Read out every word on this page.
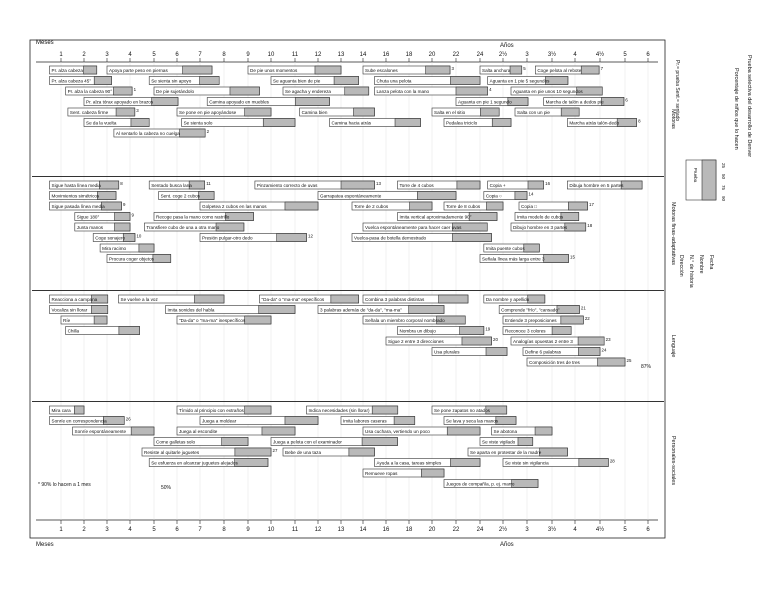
Meses	Años
Meses	Años
1	2	3	4	5	6	7	8	9	10	11	12	13	14	16	18	20	22	24	2½	3	3½	4	4½	5	6
1	2	3	4	5	6	7	8	9	10	11	12	13	14	16	18	20	22	24	2½	3	3½	4	4½	5	6
Pr. alza cabeza
Pr. alza cabeza 45°
Pr. alza la cabeza 90°	1
Pr. alza tórax apoyado en brazos
Sent. cabeza firme	3
Se da la vuelta
Apoya parte peso en piernas
Al sentarlo la cabeza no cuelga	2
Se sienta sin apoyo
De pie sujetándolo
Se pone en pie apoyándose
Se sienta solo
De pie unos momentos
Camina apoyado en muebles
Se aguanta bien de pie
Se agacha y endereza
Camina bien
Camina hacia atrás
Sube escalones	3
Chuta una pelota
Lanza pelota con la mano	4
Aguanta en pie 1 segundo
Salta en el sitio
Pedalea triciclo
Salta anchura	5
Aguanta en 1 pie 5 segundos
Aguanta en pie unos 10 segundos
Salta con un pie
Coge pelota al rebote	7
Marcha de talón a dedos pie	6
Marcha atrás talón-dedo	8
Sigue hasta línea media	8
Movimientos simétricos
Sigue pasada línea media	9
Sigue 180°	9
Junta manos
Coge sonajero	10
Mira racimo
Procura coger objetos
Sentado busca lana	11
Sent. coge 2 cubos
Golpetea 2 cubos en las manos
Recoge pasa la mano como rastrillo
Transfiere cubo de una a otra mano
Presión pulgar-otro dedo	12
Pinzamiento correcto de uvas	13
Garrapatea espontáneamente
Torre de 2 cubos
Torre de 4 cubos
Torre de 8 cubos
Imita vertical aproximadamente 90°
Vuelca espontáneamente para hacer caer uvas
Vuelca-pasa de botella demostrado
Copia +	16
Copia ○	14
Imita puente cubos
Copia □	17
Imita modelo de cubos
Dibujo hombre en 3 partes	18
Señala línea más larga entre 3	15
Dibuja hombre en 5 partes
Reacciona a campana
Vocaliza sin llorar
Ríe
Chilla
Se vuelve a la voz
Imita sonidos del habla
"Da-da" o "ma-ma" inespecíficos
"Da-da" o "ma-ma" específicos
3 palabras además de "da-da", "ma-ma"
Combina 3 palabras distintas
Señala un miembro corporal nombrado
Nombra un dibujo	19
Sigue 2 entre 3 direcciones	20
Usa plurales
Da nombre y apellido
Comprende "frío", "cansado"	21
Entiende 3 preposiciones	22
Reconoce 3 colores
Analogías opuestas 2 entre 3	23
Define 6 palabras	24
Composición tres de tres	25
Mira cara
Sonríe en correspondencia	26
Sonríe espontáneamente
Tímido al principio con extraños
Juega a moldear
Come galletas solo
Resiste al quitarle juguetes	27
Juega al escondite
Se esfuerza en alcanzar juguetes alejados
Juega a pelota con el examinador
Indica necesidades (sin llorar)
Bebe de una taza
Imita labores caseras
Usa cuchara, vertiendo un poco
Ayuda a la casa, tareas simples
Remueve ropas
Se pone zapatos no atados
Se lava y seca las manos
Se viste vigilado
Se aparta en protestar de la madre
Juegos de compañía, p. ej. marro
Se abotona
Se viste sin vigilancia	28
Motoras
Motoras finas-adaptativas
Lenguaje
Personales-sociales
* 90% lo hacen a 1 mes	50%
87%
Prueba selectiva del desarrollo de Denver
Porcentaje de niños que lo hacen
Pr.= prueba Sent.= sentado
Prueba
25
50
75
90
Fecha
Nombre
N.° de historia
Dirección
